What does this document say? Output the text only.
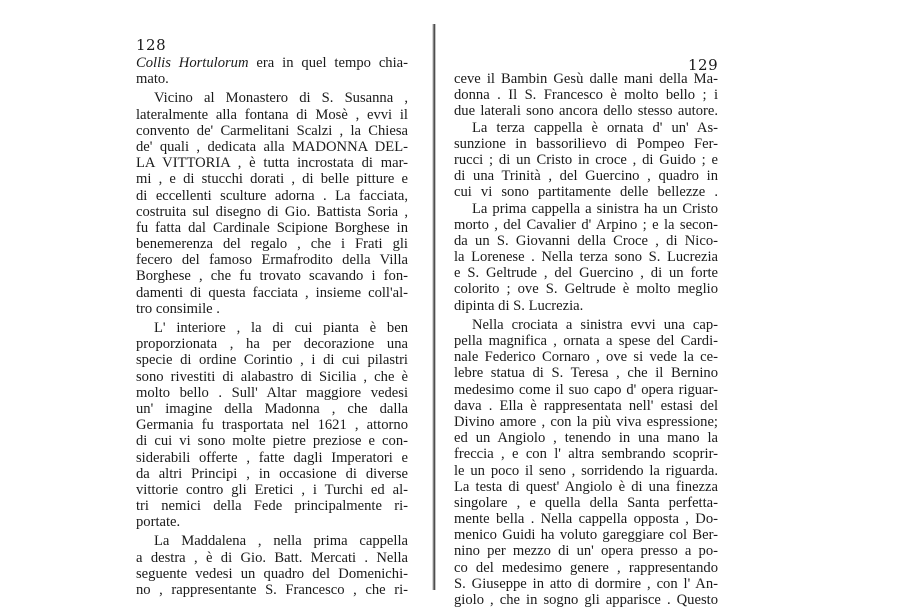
128
129
Collis Hortulorum era in quel tempo chia-
mato.
Vicino al Monastero di S. Susanna ,
lateralmente alla fontana di Mosè , evvi il
convento de' Carmelitani Scalzi , la Chiesa
de' quali , dedicata alla MADONNA DEL-
LA VITTORIA , è tutta incrostata di mar-
mi , e di stucchi dorati , di belle pitture e
di eccellenti sculture adorna . La facciata,
costruita sul disegno di Gio. Battista Soria ,
fu fatta dal Cardinale Scipione Borghese in
benemerenza del regalo , che i Frati gli
fecero del famoso Ermafrodito della Villa
Borghese , che fu trovato scavando i fon-
damenti di questa facciata , insieme coll'al-
tro consimile .
L' interiore , la di cui pianta è ben
proporzionata , ha per decorazione una
specie di ordine Corintio , i di cui pilastri
sono rivestiti di alabastro di Sicilia , che è
molto bello . Sull' Altar maggiore vedesi
un' imagine della Madonna , che dalla
Germania fu trasportata nel 1621 , attorno
di cui vi sono molte pietre preziose e con-
siderabili offerte , fatte dagli Imperatori e
da altri Principi , in occasione di diverse
vittorie contro gli Eretici , i Turchi ed al-
tri nemici della Fede principalmente ri-
portate.
La Maddalena , nella prima cappella
a destra , è di Gio. Batt. Mercati . Nella
seguente vedesi un quadro del Domenichi-
no , rappresentante S. Francesco , che ri-
ceve il Bambin Gesù dalle mani della Ma-
donna . Il S. Francesco è molto bello ; i
due laterali sono ancora dello stesso autore.
La terza cappella è ornata d' un' As-
sunzione in bassorilievo di Pompeo Fer-
rucci ; di un Cristo in croce , di Guido ; e
di una Trinità , del Guercino , quadro in
cui vi sono partitamente delle bellezze .
La prima cappella a sinistra ha un Cristo
morto , del Cavalier d' Arpino ; e la secon-
da un S. Giovanni della Croce , di Nico-
la Lorenese . Nella terza sono S. Lucrezia
e S. Geltrude , del Guercino , di un forte
colorito ; ove S. Geltrude è molto meglio
dipinta di S. Lucrezia.
Nella crociata a sinistra evvi una cap-
pella magnifica , ornata a spese del Cardi-
nale Federico Cornaro , ove si vede la ce-
lebre statua di S. Teresa , che il Bernino
medesimo come il suo capo d' opera riguar-
dava . Ella è rappresentata nell' estasi del
Divino amore , con la più viva espressione;
ed un Angiolo , tenendo in una mano la
freccia , e con l' altra sembrando scoprir-
le un poco il seno , sorridendo la riguarda.
La testa di quest' Angiolo è di una finezza
singolare , e quella della Santa perfetta-
mente bella . Nella cappella opposta , Do-
menico Guidi ha voluto gareggiare col Ber-
nino per mezzo di un' opera presso a po-
co del medesimo genere , rappresentando
S. Giuseppe in atto di dormire , con l' An-
giolo , che in sogno gli apparisce . Questo
